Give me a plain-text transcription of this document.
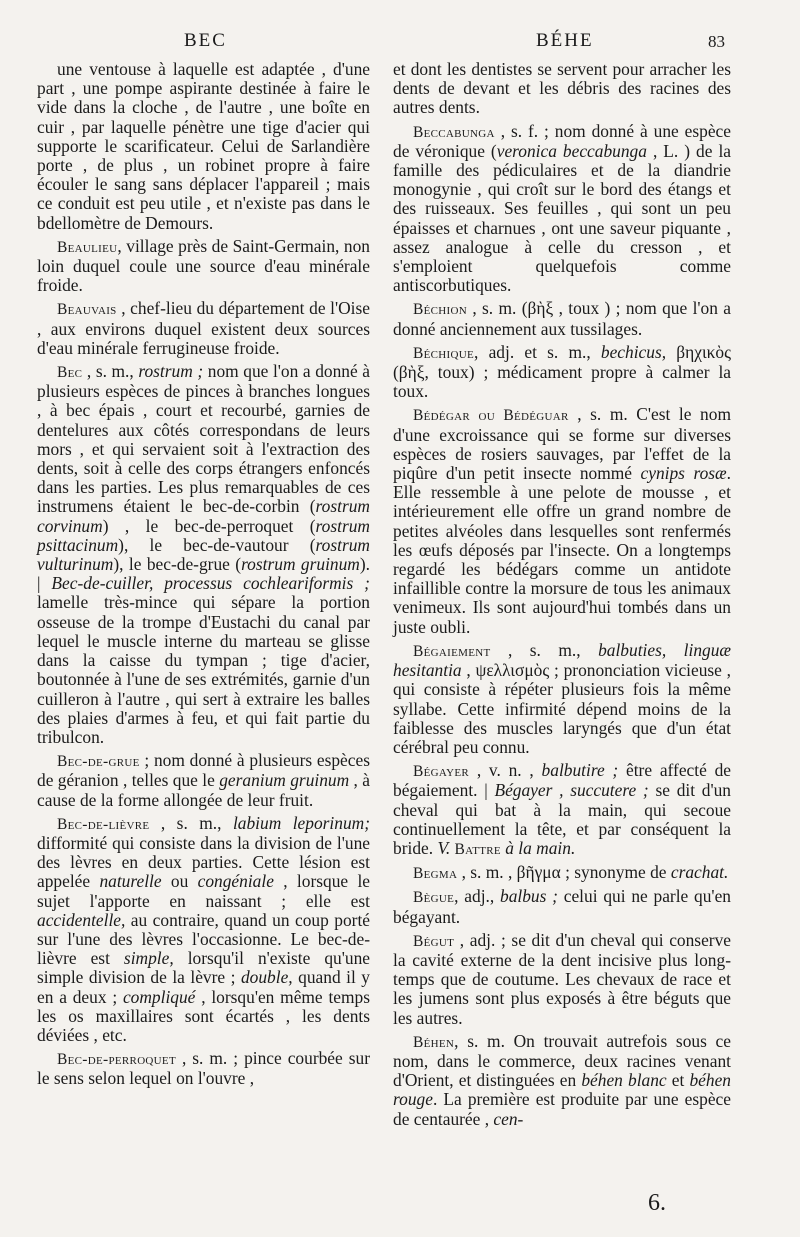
BEC	BÉHE	83

une ventouse à laquelle est adaptée , d'une part , une pompe aspirante destinée à faire le vide dans la cloche , de l'autre , une boîte en cuir , par laquelle pénètre une tige d'acier qui supporte le scarificateur. Celui de Sarlandière porte , de plus , un robinet propre à faire écouler le sang sans déplacer l'appareil ; mais ce conduit est peu utile , et n'existe pas dans le bdellomètre de Demours.

Beaulieu, village près de Saint-Germain, non loin duquel coule une source d'eau minérale froide.

Beauvais , chef-lieu du département de l'Oise , aux environs duquel existent deux sources d'eau minérale ferrugineuse froide.

Bec , s. m., rostrum ; nom que l'on a donné à plusieurs espèces de pinces à branches longues , à bec épais , court et recourbé, garnies de dentelures aux côtés correspondans de leurs mors , et qui servaient soit à l'extraction des dents, soit à celle des corps étrangers enfoncés dans les parties. Les plus remarquables de ces instrumens étaient le bec-de-corbin (rostrum corvinum) , le bec-de-perroquet (rostrum psittacinum), le bec-de-vautour (rostrum vulturinum), le bec-de-grue (rostrum gruinum). | Bec-de-cuiller, processus cochleariformis ; lamelle très-mince qui sépare la portion osseuse de la trompe d'Eustachi du canal par lequel le muscle interne du marteau se glisse dans la caisse du tympan ; tige d'acier, boutonnée à l'une de ses extrémités, garnie d'un cuilleron à l'autre , qui sert à extraire les balles des plaies d'armes à feu, et qui fait partie du tribulcon.

Bec-de-grue ; nom donné à plusieurs espèces de géranion , telles que le geranium gruinum , à cause de la forme allongée de leur fruit.

Bec-de-lièvre , s. m., labium leporinum; difformité qui consiste dans la division de l'une des lèvres en deux parties. Cette lésion est appelée naturelle ou congéniale , lorsque le sujet l'apporte en naissant ; elle est accidentelle, au contraire, quand un coup porté sur l'une des lèvres l'occasionne. Le bec-de-lièvre est simple, lorsqu'il n'existe qu'une simple division de la lèvre ; double, quand il y en a deux ; compliqué , lorsqu'en même temps les os maxillaires sont écartés , les dents déviées , etc.

Bec-de-perroquet , s. m. ; pince courbée sur le sens selon lequel on l'ouvre ,

et dont les dentistes se servent pour arracher les dents de devant et les débris des racines des autres dents.

Beccabunga , s. f. ; nom donné à une espèce de véronique (veronica beccabunga , L. ) de la famille des pédiculaires et de la diandrie monogynie , qui croît sur le bord des étangs et des ruisseaux. Ses feuilles , qui sont un peu épaisses et charnues , ont une saveur piquante , assez analogue à celle du cresson , et s'emploient quelquefois comme antiscorbutiques.

Béchion , s. m. (βὴξ , toux ) ; nom que l'on a donné anciennement aux tussilages.

Béchique, adj. et s. m., bechicus, βηχικὸς (βὴξ, toux) ; médicament propre à calmer la toux.

Bédégar ou Bédéguar , s. m. C'est le nom d'une excroissance qui se forme sur diverses espèces de rosiers sauvages, par l'effet de la piqûre d'un petit insecte nommé cynips rosæ. Elle ressemble à une pelote de mousse , et intérieurement elle offre un grand nombre de petites alvéoles dans lesquelles sont renfermés les œufs déposés par l'insecte. On a longtemps regardé les bédégars comme un antidote infaillible contre la morsure de tous les animaux venimeux. Ils sont aujourd'hui tombés dans un juste oubli.

Bégaiement , s. m., balbuties, linguæ hesitantia , ψελλισμὸς ; prononciation vicieuse , qui consiste à répéter plusieurs fois la même syllabe. Cette infirmité dépend moins de la faiblesse des muscles laryngés que d'un état cérébral peu connu.

Bégayer , v. n. , balbutire ; être affecté de bégaiement. | Bégayer , succutere ; se dit d'un cheval qui bat à la main, qui secoue continuellement la tête, et par conséquent la bride. V. Battre à la main.

Begma , s. m. , βῆγμα ; synonyme de crachat.

Bègue, adj., balbus ; celui qui ne parle qu'en bégayant.

Bégut , adj. ; se dit d'un cheval qui conserve la cavité externe de la dent incisive plus long-temps que de coutume. Les chevaux de race et les jumens sont plus exposés à être béguts que les autres.

Béhen, s. m. On trouvait autrefois sous ce nom, dans le commerce, deux racines venant d'Orient, et distinguées en béhen blanc et béhen rouge. La première est produite par une espèce de centaurée , cen-

6.
